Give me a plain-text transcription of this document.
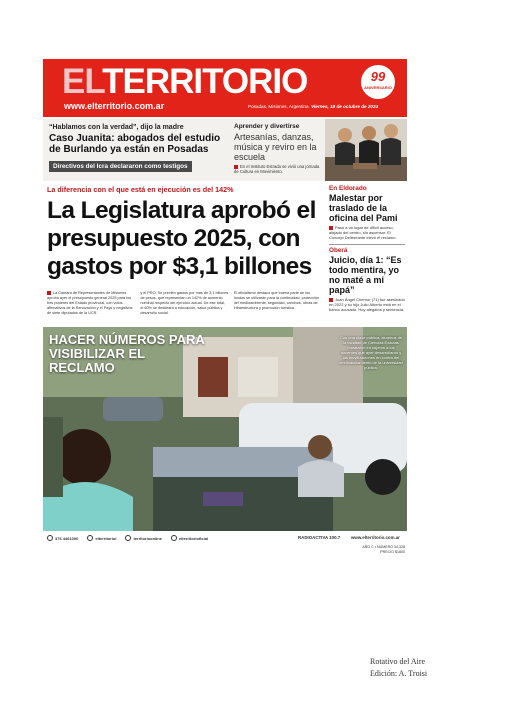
ELTERRITORIO
www.elterritorio.com.ar	Posadas, Misiones, Argentina Viernes, 18 de octubre de 2024
99
ANIVERSARIO
“Hablamos con la verdad”, dijo la madre
Caso Juanita: abogados del estudio de Burlando ya están en Posadas
Directivos del Icra declararon como testigos
Aprender y divertirse
Artesanías, danzas, música y reviro en la escuela
En el Instituto Estrada se vivió una jornada de Cultura en Movimiento.
La diferencia con el que está en ejecución es del 142%
La Legislatura aprobó el presupuesto 2025, con gastos por $3,1 billones
La Cámara de Representantes de Misiones aprobó ayer el presupuesto general 2025 para los tres poderes del Estado provincial, con votos afirmativos de la Renovación y el Pays y negativos de siete diputados de la UCR.
y el PRO. Se previén gastos por más de 3,1 billones de pesos, que representan un 142% de aumento nominal respecto del ejercicio actual. De ese total, el 60% se destinará a educación, salud pública y desarrollo social.
El oficialismo destacó que buena parte de los fondos se utilizarán para la continuidad, protección del medioambiente, seguridad, caminos, obras de infraestructura y promoción turística.
En Eldorado
Malestar por traslado de la oficina del Pami
Pasó a un lugar de difícil acceso, alejado del centro, sin ascensor. El Concejo Deliberante elevó el reclamo.
Oberá
Juicio, día 1: “Es todo mentira, yo no maté a mi papá”
Juan Ángel Chernor (71) fue asesinado en 2022 y su hijo Julio Alberto está en el banco acusado. Hoy alegatos y sentencia.
HACER NÚMEROS PARA VISIBILIZAR EL RECLAMO
Con una clase pública, alumnos de la facultad de Ciencias Exactas mostraron en cajeros a los docentes que ayer desarrollaron y las movilizaciones en contra del desfinanciamiento de la universidad pública.
376 4461000	elterritoriol	territorioonline	elterritorioficial	RADIOACTIVA 100.7 www.elterritorio.com.ar
AÑO C • NÚMERO 34.328 PRECIO $1800
Rotativo del Aire
Edición: A. Troisi
